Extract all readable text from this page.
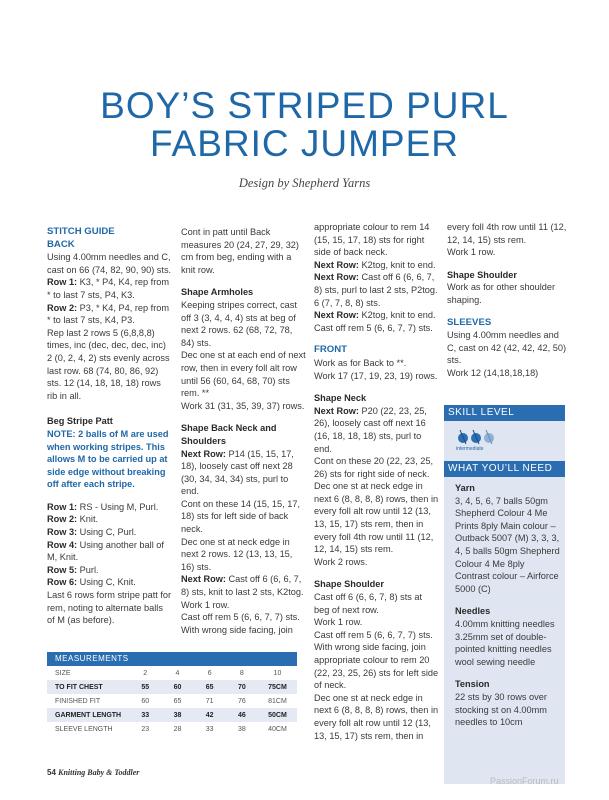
BOY’S STRIPED PURL
FABRIC JUMPER
Design by Shepherd Yarns

STITCH GUIDE

BACK

Using 4.00mm needles and C, cast on 66 (74, 82, 90, 90) sts.

Row 1: K3, * P4, K4, rep from * to last 7 sts, P4, K3.

Row 2: P3, * K4, P4, rep from * to last 7 sts, K4, P3.

Rep last 2 rows 5 (6,8,8,8) times, inc (dec, dec, dec, inc) 2 (0, 2, 4, 2) sts evenly across last row. 68 (74, 80, 86, 92) sts. 12 (14, 18, 18, 18) rows rib in all.

Beg Stripe Patt

NOTE: 2 balls of M are used when working stripes. This allows M to be carried up at side edge without breaking off after each stripe.

Row 1: RS - Using M, Purl.

Row 2: Knit.

Row 3: Using C, Purl.

Row 4: Using another ball of M, Knit.

Row 5: Purl.

Row 6: Using C, Knit.

Last 6 rows form stripe patt for rem, noting to alternate balls of M (as before).

Cont in patt until Back measures 20 (24, 27, 29, 32) cm from beg, ending with a knit row.

Shape Armholes

Keeping stripes correct, cast off 3 (3, 4, 4, 4) sts at beg of next 2 rows. 62 (68, 72, 78, 84) sts.

Dec one st at each end of next row, then in every foll alt row until 56 (60, 64, 68, 70) sts rem. **

Work 31 (31, 35, 39, 37) rows.

Shape Back Neck and Shoulders

Next Row: P14 (15, 15, 17, 18), loosely cast off next 28 (30, 34, 34, 34) sts, purl to end.

Cont on these 14 (15, 15, 17, 18) sts for left side of back neck.

Dec one st at neck edge in next 2 rows. 12 (13, 13, 15, 16) sts.

Next Row: Cast off 6 (6, 6, 7, 8) sts, knit to last 2 sts, K2tog.

Work 1 row.

Cast off rem 5 (6, 6, 7, 7) sts.

With wrong side facing, join

appropriate colour to rem 14 (15, 15, 17, 18) sts for right side of back neck.

Next Row: K2tog, knit to end.

Next Row: Cast off 6 (6, 6, 7, 8) sts, purl to last 2 sts, P2tog. 6 (7, 7, 8, 8) sts.

Next Row: K2tog, knit to end.

Cast off rem 5 (6, 6, 7, 7) sts.

FRONT

Work as for Back to **.

Work 17 (17, 19, 23, 19) rows.

Shape Neck

Next Row: P20 (22, 23, 25, 26), loosely cast off next 16 (16, 18, 18, 18) sts, purl to end.

Cont on these 20 (22, 23, 25, 26) sts for right side of neck.

Dec one st at neck edge in next 6 (8, 8, 8, 8) rows, then in every foll alt row until 12 (13, 13, 15, 17) sts rem, then in every foll 4th row until 11 (12, 12, 14, 15) sts rem.

Work 2 rows.

Shape Shoulder

Cast off 6 (6, 6, 7, 8) sts at beg of next row.

Work 1 row.

Cast off rem 5 (6, 6, 7, 7) sts.

With wrong side facing, join appropriate colour to rem 20 (22, 23, 25, 26) sts for left side of neck.

Dec one st at neck edge in next 6 (8, 8, 8, 8) rows, then in every foll alt row until 12 (13, 13, 15, 17) sts rem, then in

every foll 4th row until 11 (12, 12, 14, 15) sts rem.

Work 1 row.

Shape Shoulder

Work as for other shoulder shaping.

SLEEVES

Using 4.00mm needles and C, cast on 42 (42, 42, 42, 50) sts.

Work 12 (14,18,18,18)

SKILL LEVEL
intermediate
WHAT YOU’LL NEED

Yarn

3, 4, 5, 6, 7 balls 50gm Shepherd Colour 4 Me Prints 8ply Main colour – Outback 5007 (M) 3, 3, 3, 4, 5 balls 50gm Shepherd Colour 4 Me 8ply Contrast colour – Airforce 5000 (C)

Needles

4.00mm knitting needles 3.25mm set of double-pointed knitting needles wool sewing needle

Tension

22 sts by 30 rows over stocking st on 4.00mm needles to 10cm

MEASUREMENTS
SIZE	2	4	6	8	10
TO FIT CHEST	55	60	65	70	75CM
FINISHED FIT	60	65	71	76	81CM
GARMENT LENGTH	33	38	42	46	50CM
SLEEVE LENGTH	23	28	33	38	40CM
54 Knitting Baby & Toddler
PassionForum.ru
